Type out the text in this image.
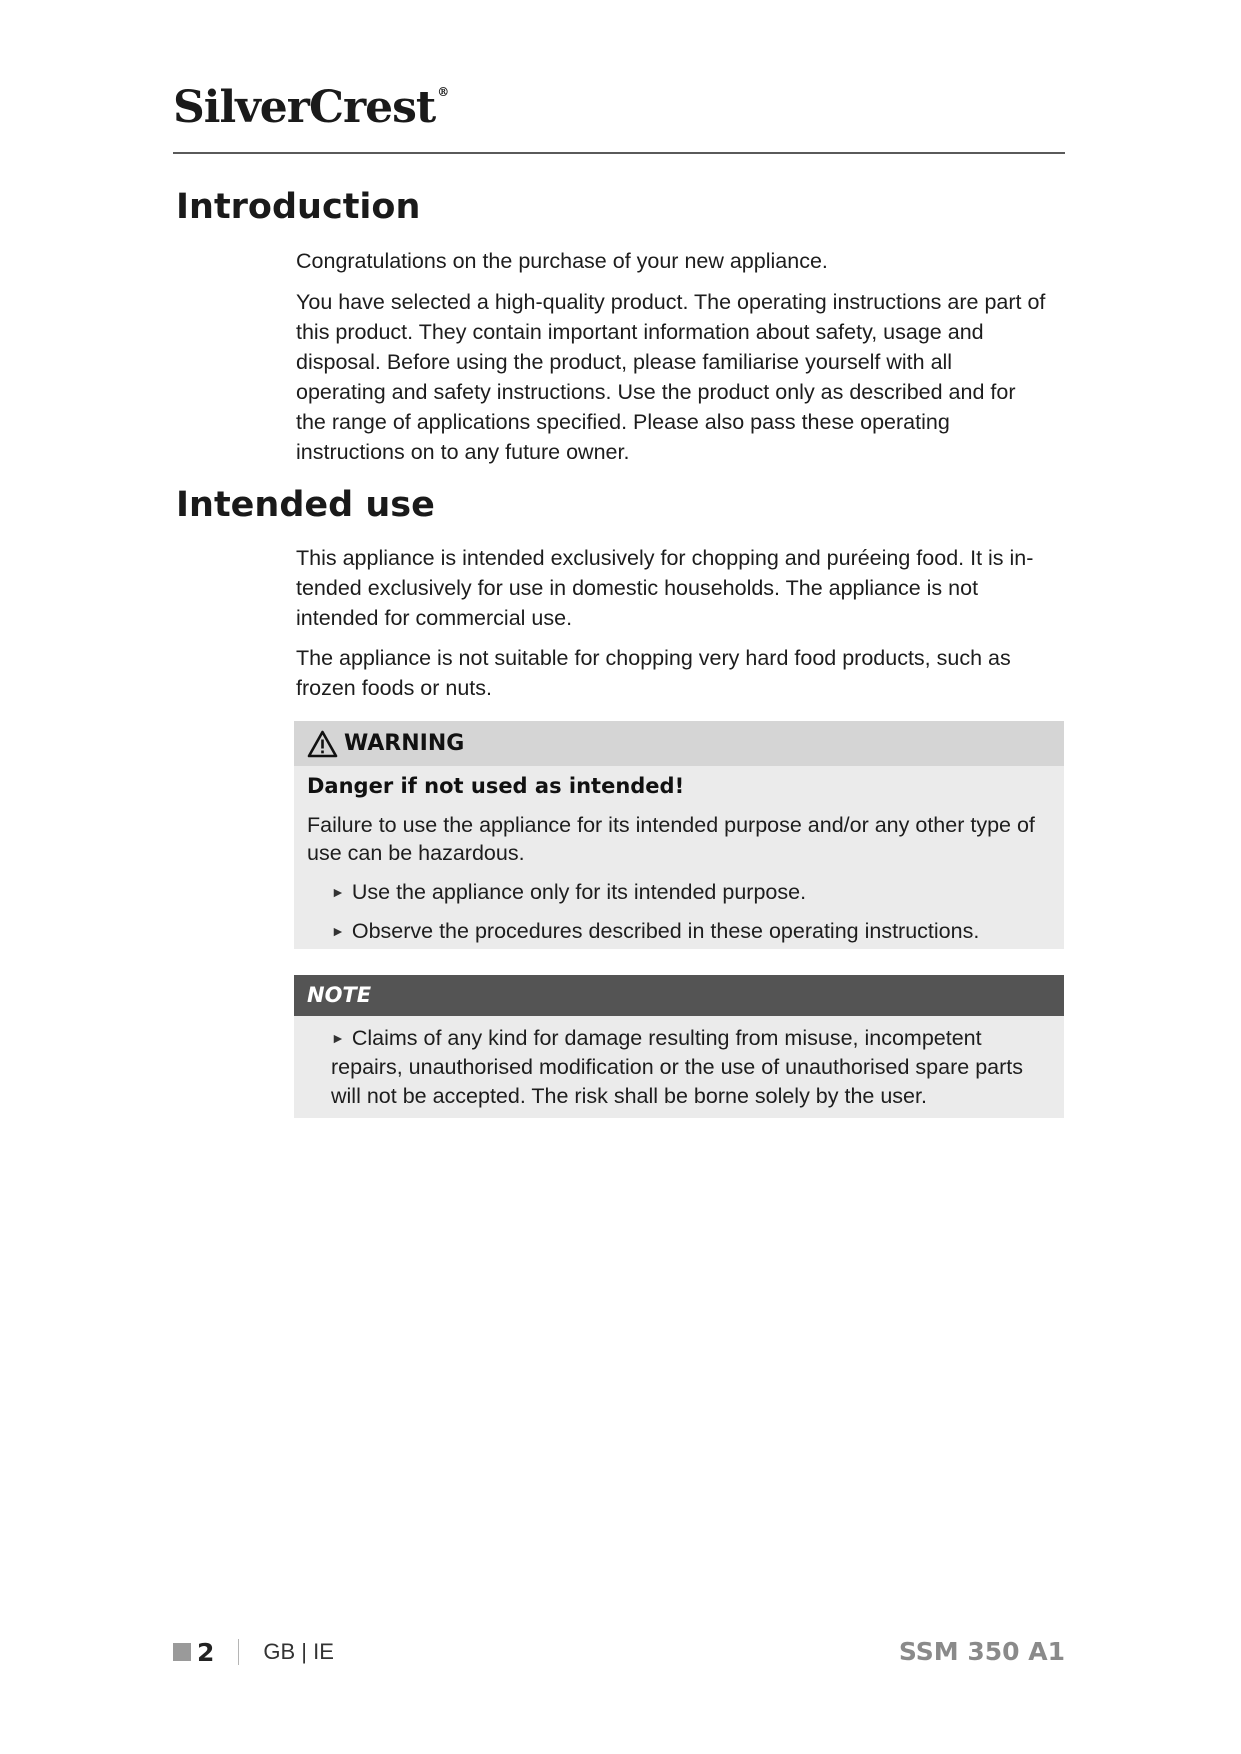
SilverCrest ®
Introduction

Congratulations on the purchase of your new appliance.

You have selected a high-quality product. The operating instructions are part of this product. They contain important information about safety, usage and disposal. Before using the product, please familiarise yourself with all operating and safety instructions. Use the product only as described and for the range of applications specified. Please also pass these operating instructions on to any future owner.

Intended use

This appliance is intended exclusively for chopping and puréeing food. It is in-tended exclusively for use in domestic households. The appliance is not intended for commercial use.

The appliance is not suitable for chopping very hard food products, such as frozen foods or nuts.

WARNING
Danger if not used as intended!
Failure to use the appliance for its intended purpose and/or any other type of use can be hazardous.
► Use the appliance only for its intended purpose.
► Observe the procedures described in these operating instructions.
NOTE
► Claims of any kind for damage resulting from misuse, incompetent repairs, unauthorised modification or the use of unauthorised spare parts will not be accepted. The risk shall be borne solely by the user.
2 GB | IE	SSM 350 A1
